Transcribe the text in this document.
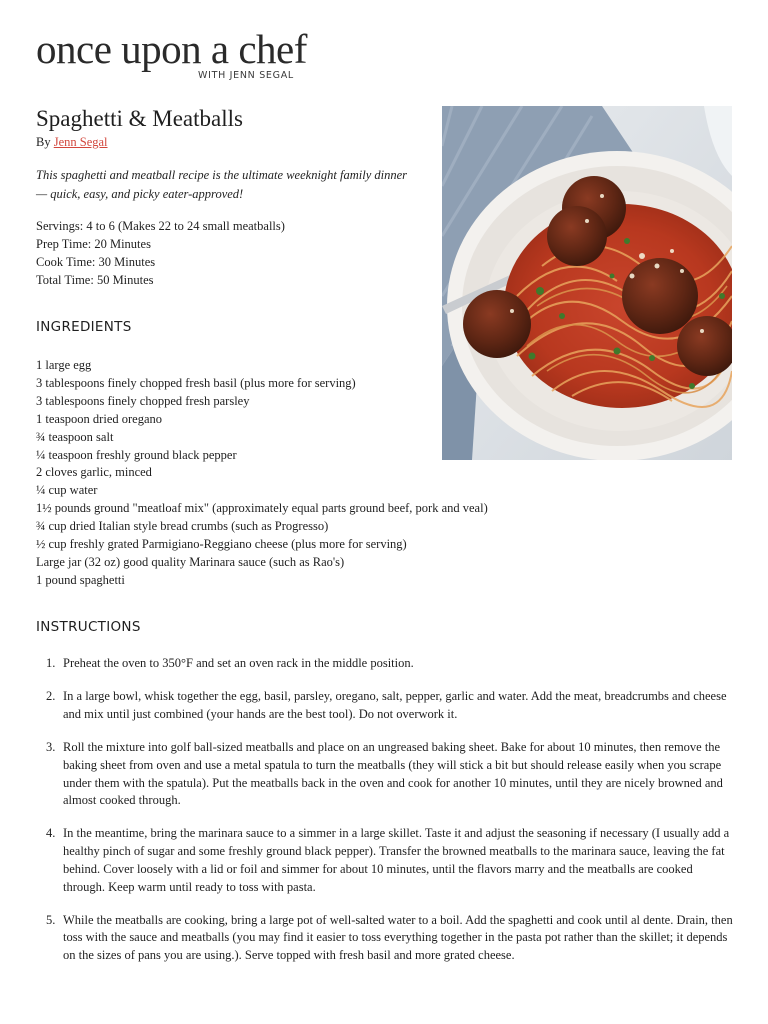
once upon a chef
WITH JENN SEGAL
Spaghetti & Meatballs
By Jenn Segal
This spaghetti and meatball recipe is the ultimate weeknight family dinner — quick, easy, and picky eater-approved!
Servings: 4 to 6 (Makes 22 to 24 small meatballs)
Prep Time: 20 Minutes
Cook Time: 30 Minutes
Total Time: 50 Minutes
INGREDIENTS
1 large egg
3 tablespoons finely chopped fresh basil (plus more for serving)
3 tablespoons finely chopped fresh parsley
1 teaspoon dried oregano
¾ teaspoon salt
¼ teaspoon freshly ground black pepper
2 cloves garlic, minced
¼ cup water
1½ pounds ground "meatloaf mix" (approximately equal parts ground beef, pork and veal)
¾ cup dried Italian style bread crumbs (such as Progresso)
½ cup freshly grated Parmigiano-Reggiano cheese (plus more for serving)
Large jar (32 oz) good quality Marinara sauce (such as Rao's)
1 pound spaghetti
INSTRUCTIONS
1. Preheat the oven to 350°F and set an oven rack in the middle position.
2. In a large bowl, whisk together the egg, basil, parsley, oregano, salt, pepper, garlic and water. Add the meat, breadcrumbs and cheese and mix until just combined (your hands are the best tool). Do not overwork it.
3. Roll the mixture into golf ball-sized meatballs and place on an ungreased baking sheet. Bake for about 10 minutes, then remove the baking sheet from oven and use a metal spatula to turn the meatballs (they will stick a bit but should release easily when you scrape under them with the spatula). Put the meatballs back in the oven and cook for another 10 minutes, until they are nicely browned and almost cooked through.
4. In the meantime, bring the marinara sauce to a simmer in a large skillet. Taste it and adjust the seasoning if necessary (I usually add a healthy pinch of sugar and some freshly ground black pepper). Transfer the browned meatballs to the marinara sauce, leaving the fat behind. Cover loosely with a lid or foil and simmer for about 10 minutes, until the flavors marry and the meatballs are cooked through. Keep warm until ready to toss with pasta.
5. While the meatballs are cooking, bring a large pot of well-salted water to a boil. Add the spaghetti and cook until al dente. Drain, then toss with the sauce and meatballs (you may find it easier to toss everything together in the pasta pot rather than the skillet; it depends on the sizes of pans you are using.). Serve topped with fresh basil and more grated cheese.
